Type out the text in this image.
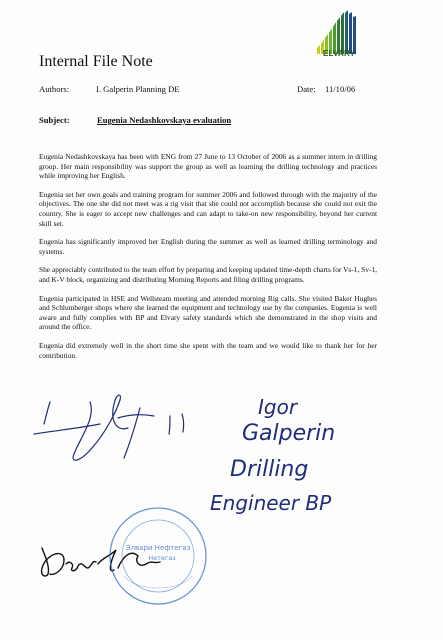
ELVARY
Internal File Note
Authors:	I. Galperin Planning DE	Date: 11/10/06
Subject:	Eugenia Nedashkovskaya evaluation

Eugenia Nedashkovskaya has been with ENG from 27 June to 13 October of 2006 as a summer intern in drilling group. Her main responsibility was support the group as well as learning the drilling technology and practices while improving her English.

Eugenia set her own goals and training program for summer 2006 and followed through with the majority of the objectives. The one she did not meet was a rig visit that she could not accomplish because she could not exit the country. She is eager to accept new challenges and can adapt to take-on new responsibility, beyond her current skill set.

Eugenia has significantly improved her English during the summer as well as learned drilling terminology and systems.

She appreciably contributed to the team effort by preparing and keeping updated time-depth charts for Vs-1, Sv-1, and K-V block, organizing and distributing Morning Reports and filing drilling programs.

Eugenia participated in HSE and Wellsteam meeting and attended morning Rig calls. She visited Baker Hughes and Schlumberger shops where she learned the equipment and technology use by the companies. Eugenia is well aware and fully complies with BP and Elvary safety standards which she demonstrated in the shop visits and around the office.

Eugenia did extremely well in the short time she spent with the team and we would like to thank her for her contribution.

Igor
Galperin
Drilling
Engineer BP
Элвари Нефтегаз
Нетегаз
